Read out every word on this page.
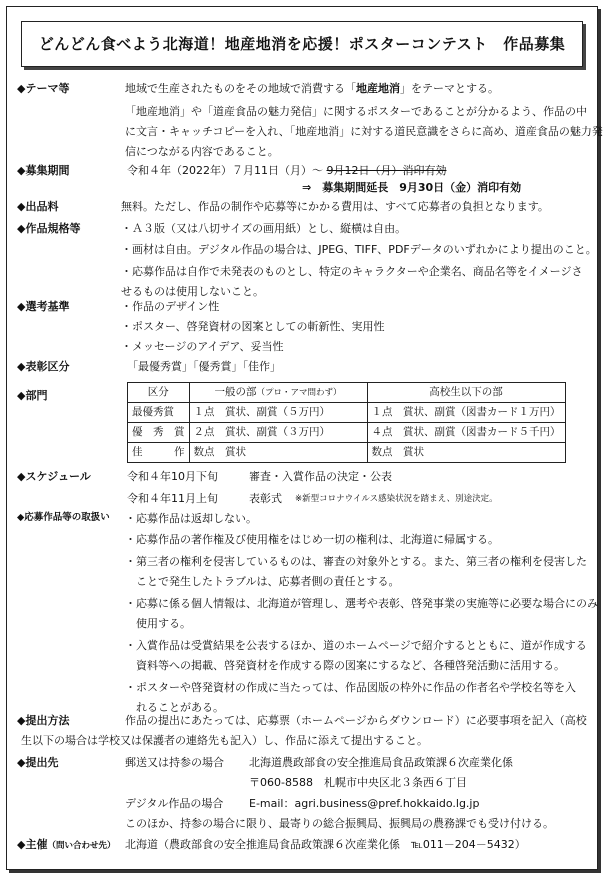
どんどん食べよう北海道！地産地消を応援！ポスターコンテスト　作品募集
◆テーマ等	地域で生産されたものをその地域で消費する「地産地消」をテーマとする。
「地産地消」や「道産食品の魅力発信」に関するポスターであることが分かるよう、作品の中
に文言・キャッチコピーを入れ、「地産地消」に対する道民意識をさらに高め、道産食品の魅力発
信につながる内容であること。
◆募集期間	令和４年（2022年）７月11日（月）～ 9月12日（月）消印有効
⇒　募集期間延長　9月30日（金）消印有効
◆出品料	無料。ただし、作品の制作や応募等にかかる費用は、すべて応募者の負担となります。
◆作品規格等	・Ａ３版（又は八切サイズの画用紙）とし、縦横は自由。
・画材は自由。デジタル作品の場合は、JPEG、TIFF、PDFデータのいずれかにより提出のこと。
・応募作品は自作で未発表のものとし、特定のキャラクターや企業名、商品名等をイメージさ
せるものは使用しないこと。
◆選考基準	・作品のデザイン性
・ポスター、啓発資材の図案としての斬新性、実用性
・メッセージのアイデア、妥当性
◆表彰区分	「最優秀賞」「優秀賞」「佳作」
◆部門	区分	一般の部（プロ・アマ問わず）	高校生以下の部
最優秀賞	１点　賞状、副賞（５万円）	１点　賞状、副賞（図書カード１万円）
優　秀　賞	２点　賞状、副賞（３万円）	４点　賞状、副賞（図書カード５千円）
佳　　　作	数点　賞状	数点　賞状
◆スケジュール	令和４年10月下旬	審査・入賞作品の決定・公表
令和４年11月上旬	表彰式 ※新型コロナウイルス感染状況を踏まえ、別途決定。
◆応募作品等の取扱い ・応募作品は返却しない。
・応募作品の著作権及び使用権をはじめ一切の権利は、北海道に帰属する。
・第三者の権利を侵害しているものは、審査の対象外とする。また、第三者の権利を侵害した
　ことで発生したトラブルは、応募者側の責任とする。
・応募に係る個人情報は、北海道が管理し、選考や表彰、啓発事業の実施等に必要な場合にのみ
　使用する。
・入賞作品は受賞結果を公表するほか、道のホームページで紹介するとともに、道が作成する
　資料等への掲載、啓発資材を作成する際の図案にするなど、各種啓発活動に活用する。
・ポスターや啓発資材の作成に当たっては、作品図版の枠外に作品の作者名や学校名等を入
　れることがある。
◆提出方法	作品の提出にあたっては、応募票（ホームページからダウンロード）に必要事項を記入（高校
生以下の場合は学校又は保護者の連絡先も記入）し、作品に添えて提出すること。
◆提出先	郵送又は持参の場合 北海道農政部食の安全推進局食品政策課６次産業化係
〒060-8588　札幌市中央区北３条西６丁目
デジタル作品の場合 E-mail：agri.business@pref.hokkaido.lg.jp
このほか、持参の場合に限り、最寄りの総合振興局、振興局の農務課でも受け付ける。
◆主催（問い合わせ先） 北海道（農政部食の安全推進局食品政策課６次産業化係　℡011－204－5432）
